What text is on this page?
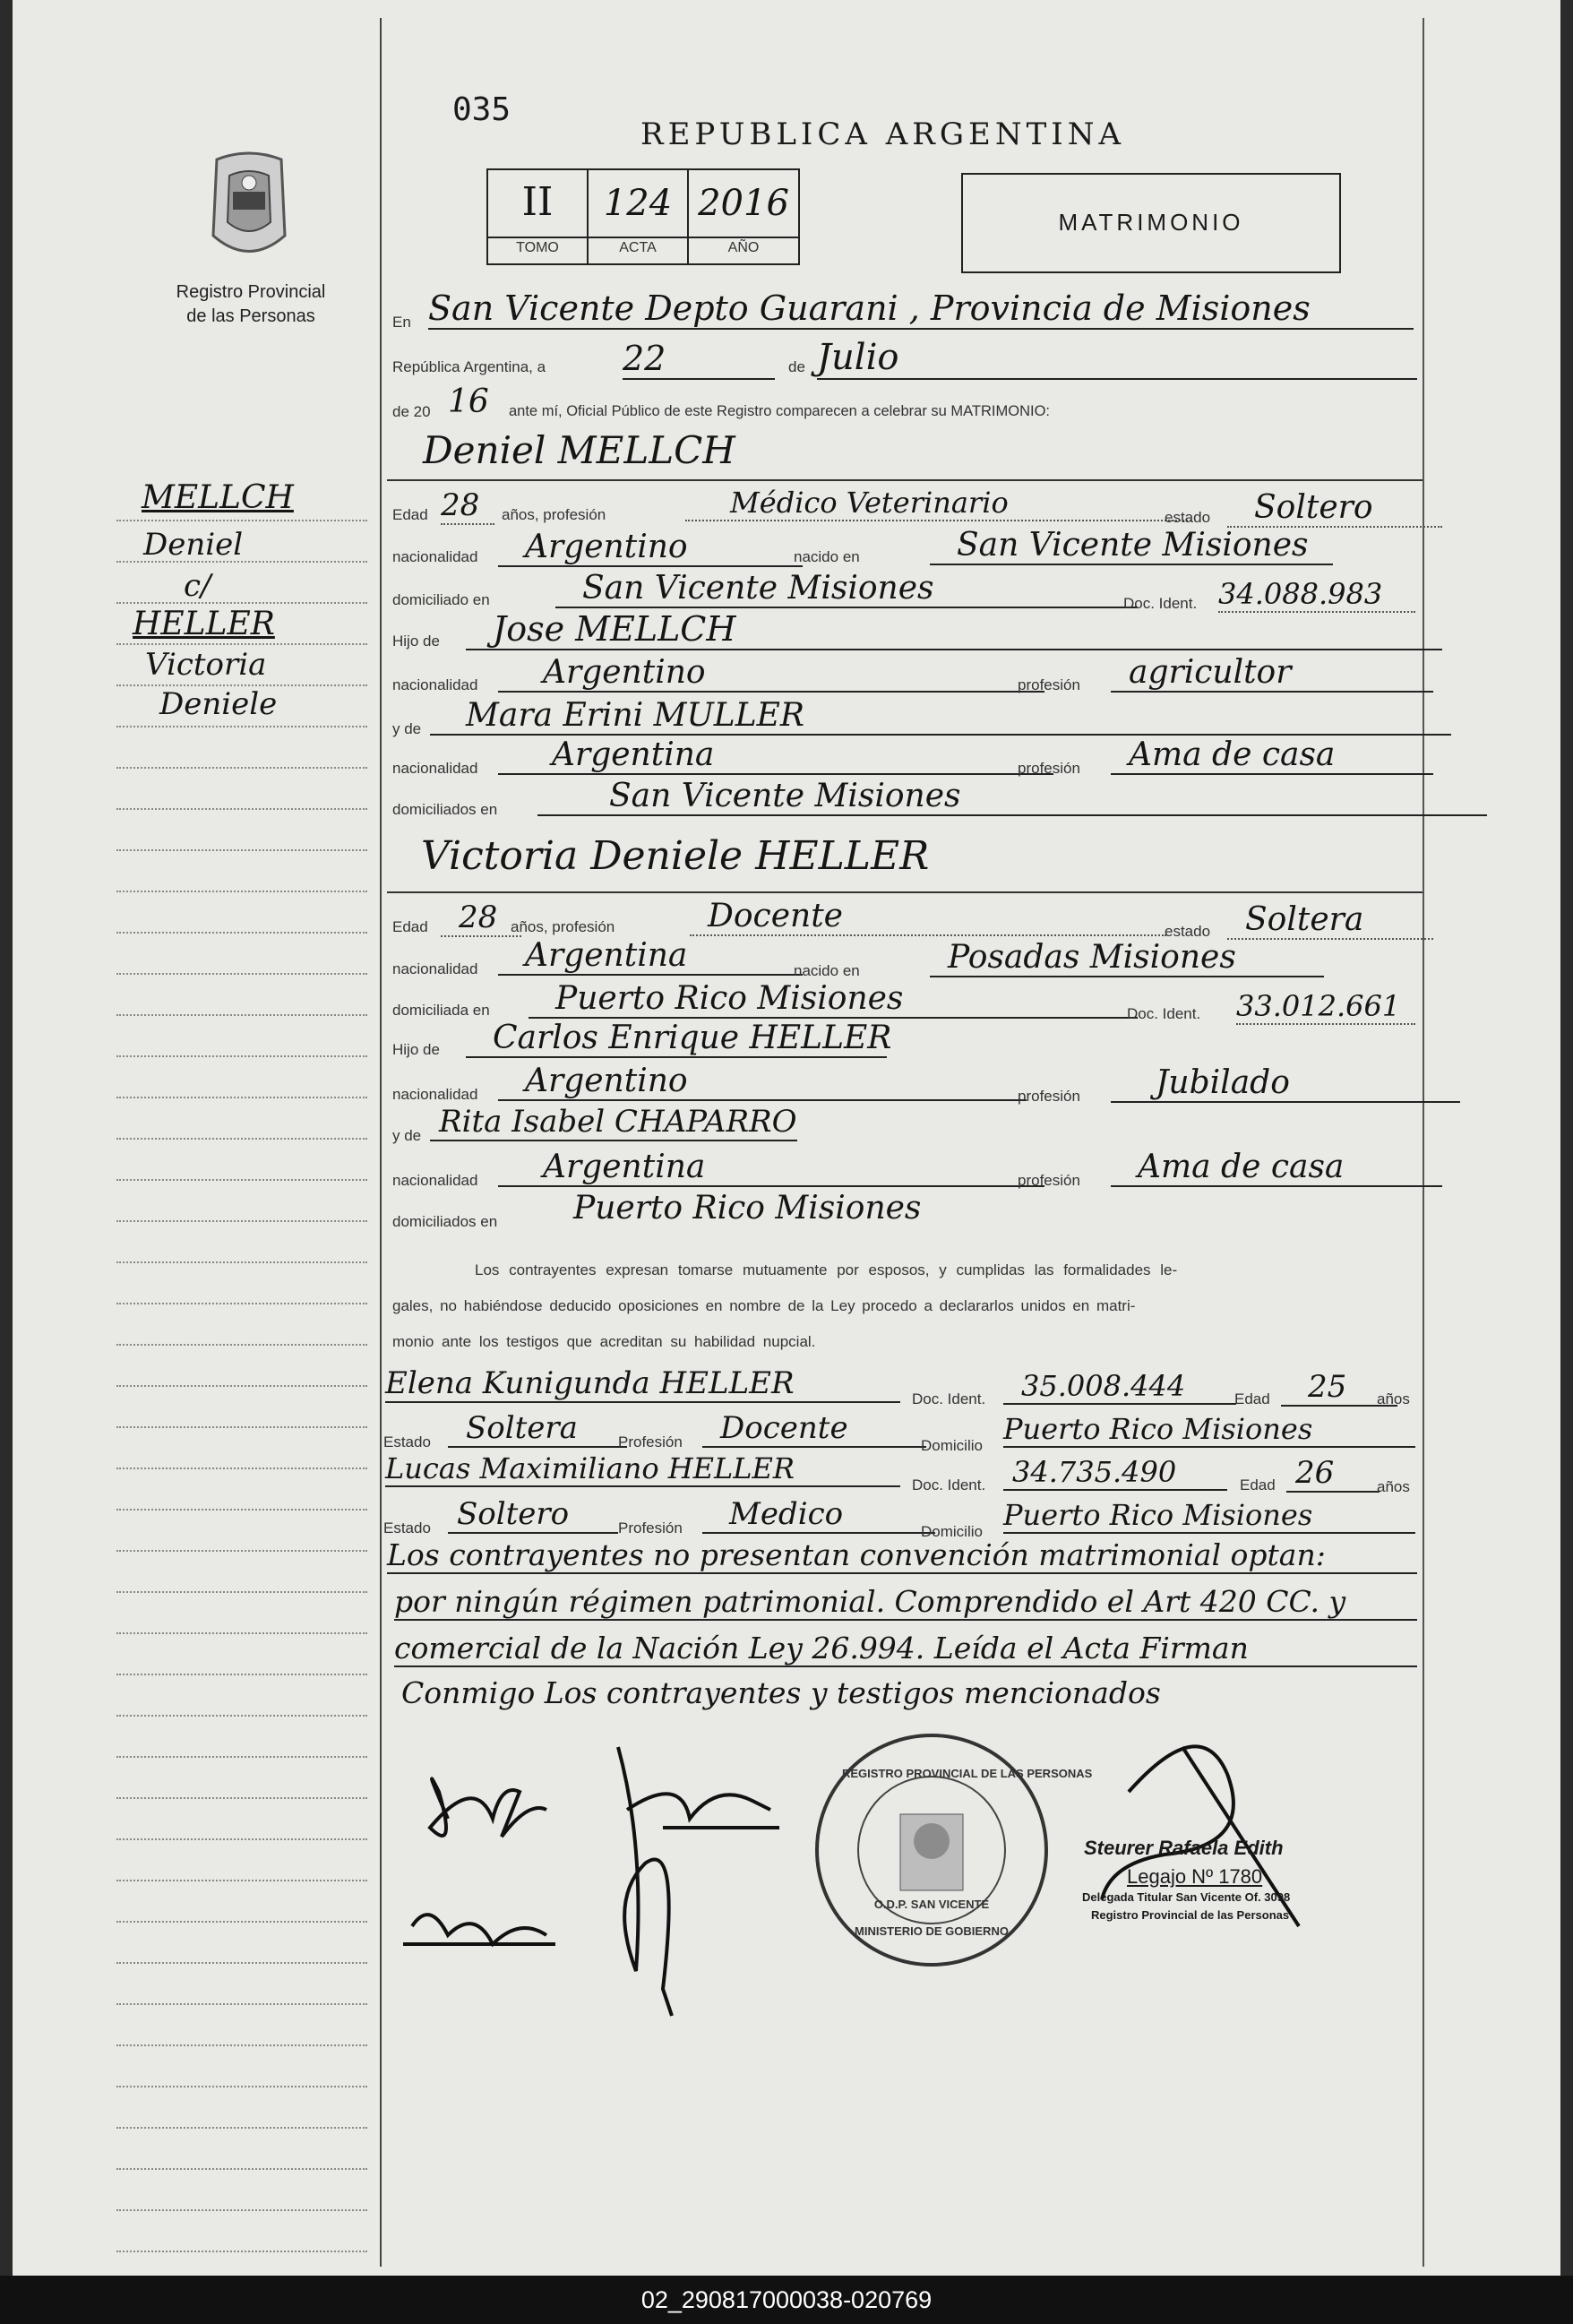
Registro Provincial
de las Personas
MELLCH
Deniel
c/
HELLER
Victoria
Deniele
035
REPUBLICA ARGENTINA
II
TOMO
124
ACTA
2016
AÑO
MATRIMONIO
En San Vicente Depto Guarani , Provincia de Misiones
República Argentina, a 22	de Julio
de 20 16 ante mí, Oficial Público de este Registro comparecen a celebrar su MATRIMONIO:
Deniel MELLCH
Edad 28	años, profesión	Médico Veterinario	estado	Soltero
nacionalidad	Argentino	nacido en	San Vicente Misiones
domiciliado en	San Vicente Misiones	Doc. Ident. 34.088.983
Hijo de	Jose MELLCH
nacionalidad	Argentino	profesión	agricultor
y de	Mara Erini MULLER
nacionalidad	Argentina	profesión	Ama de casa
domiciliados en	San Vicente Misiones
Victoria Deniele HELLER
Edad	28 años, profesión	Docente	estado	Soltera
nacionalidad	Argentina	nacido en	Posadas Misiones
domiciliada en	Puerto Rico Misiones	Doc. Ident. 33.012.661
Hijo de	Carlos Enrique HELLER
nacionalidad	Argentino	profesión	Jubilado
y de Rita Isabel CHAPARRO
nacionalidad	Argentina	profesión	Ama de casa
domiciliados en Puerto Rico Misiones
Los contrayentes expresan tomarse mutuamente por esposos, y cumplidas las formalidades le-
gales, no habiéndose deducido oposiciones en nombre de la Ley procedo a declararlos unidos en matri-
monio ante los testigos que acreditan su habilidad nupcial.
Elena Kunigunda HELLER	Doc. Ident.	35.008.444	Edad	25	años
Estado	Soltera	Profesión	Docente	Domicilio Puerto Rico Misiones
Lucas Maximiliano HELLER	Doc. Ident. 34.735.490	Edad 26	años
Estado Soltero	Profesión	Medico	Domicilio Puerto Rico Misiones
Los contrayentes no presentan convención matrimonial optan:
por ningún régimen patrimonial. Comprendido el Art 420 CC. y
comercial de la Nación Ley 26.994. Leída el Acta Firman
Conmigo Los contrayentes y testigos mencionados
REGISTRO PROVINCIAL DE LAS PERSONAS
O.D.P. SAN VICENTE
MINISTERIO DE GOBIERNO
Steurer Rafaela Edith
Legajo Nº 1780
Delegada Titular San Vicente Of. 3098
Registro Provincial de las Personas
02_290817000038-020769
